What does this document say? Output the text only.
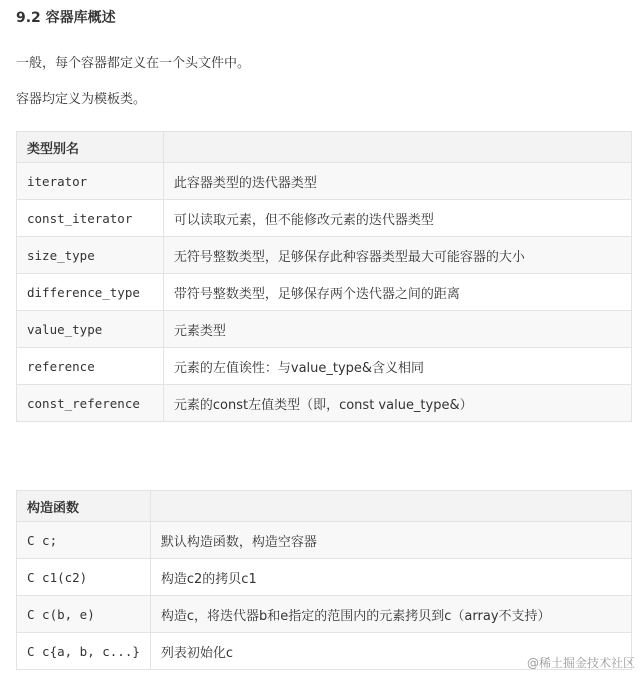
9.2 容器库概述
一般，每个容器都定义在一个头文件中。
容器均定义为模板类。
类型别名	
iterator	此容器类型的迭代器类型
const_iterator	可以读取元素，但不能修改元素的迭代器类型
size_type	无符号整数类型，足够保存此种容器类型最大可能容器的大小
difference_type	带符号整数类型，足够保存两个迭代器之间的距离
value_type	元素类型
reference	元素的左值诶性：与value_type&含义相同
const_reference	元素的const左值类型（即，const value_type&）
构造函数	
C c;	默认构造函数，构造空容器
C c1(c2)	构造c2的拷贝c1
C c(b, e)	构造c，将迭代器b和e指定的范围内的元素拷贝到c（array不支持）
C c{a, b, c...}	列表初始化c
@稀土掘金技术社区
